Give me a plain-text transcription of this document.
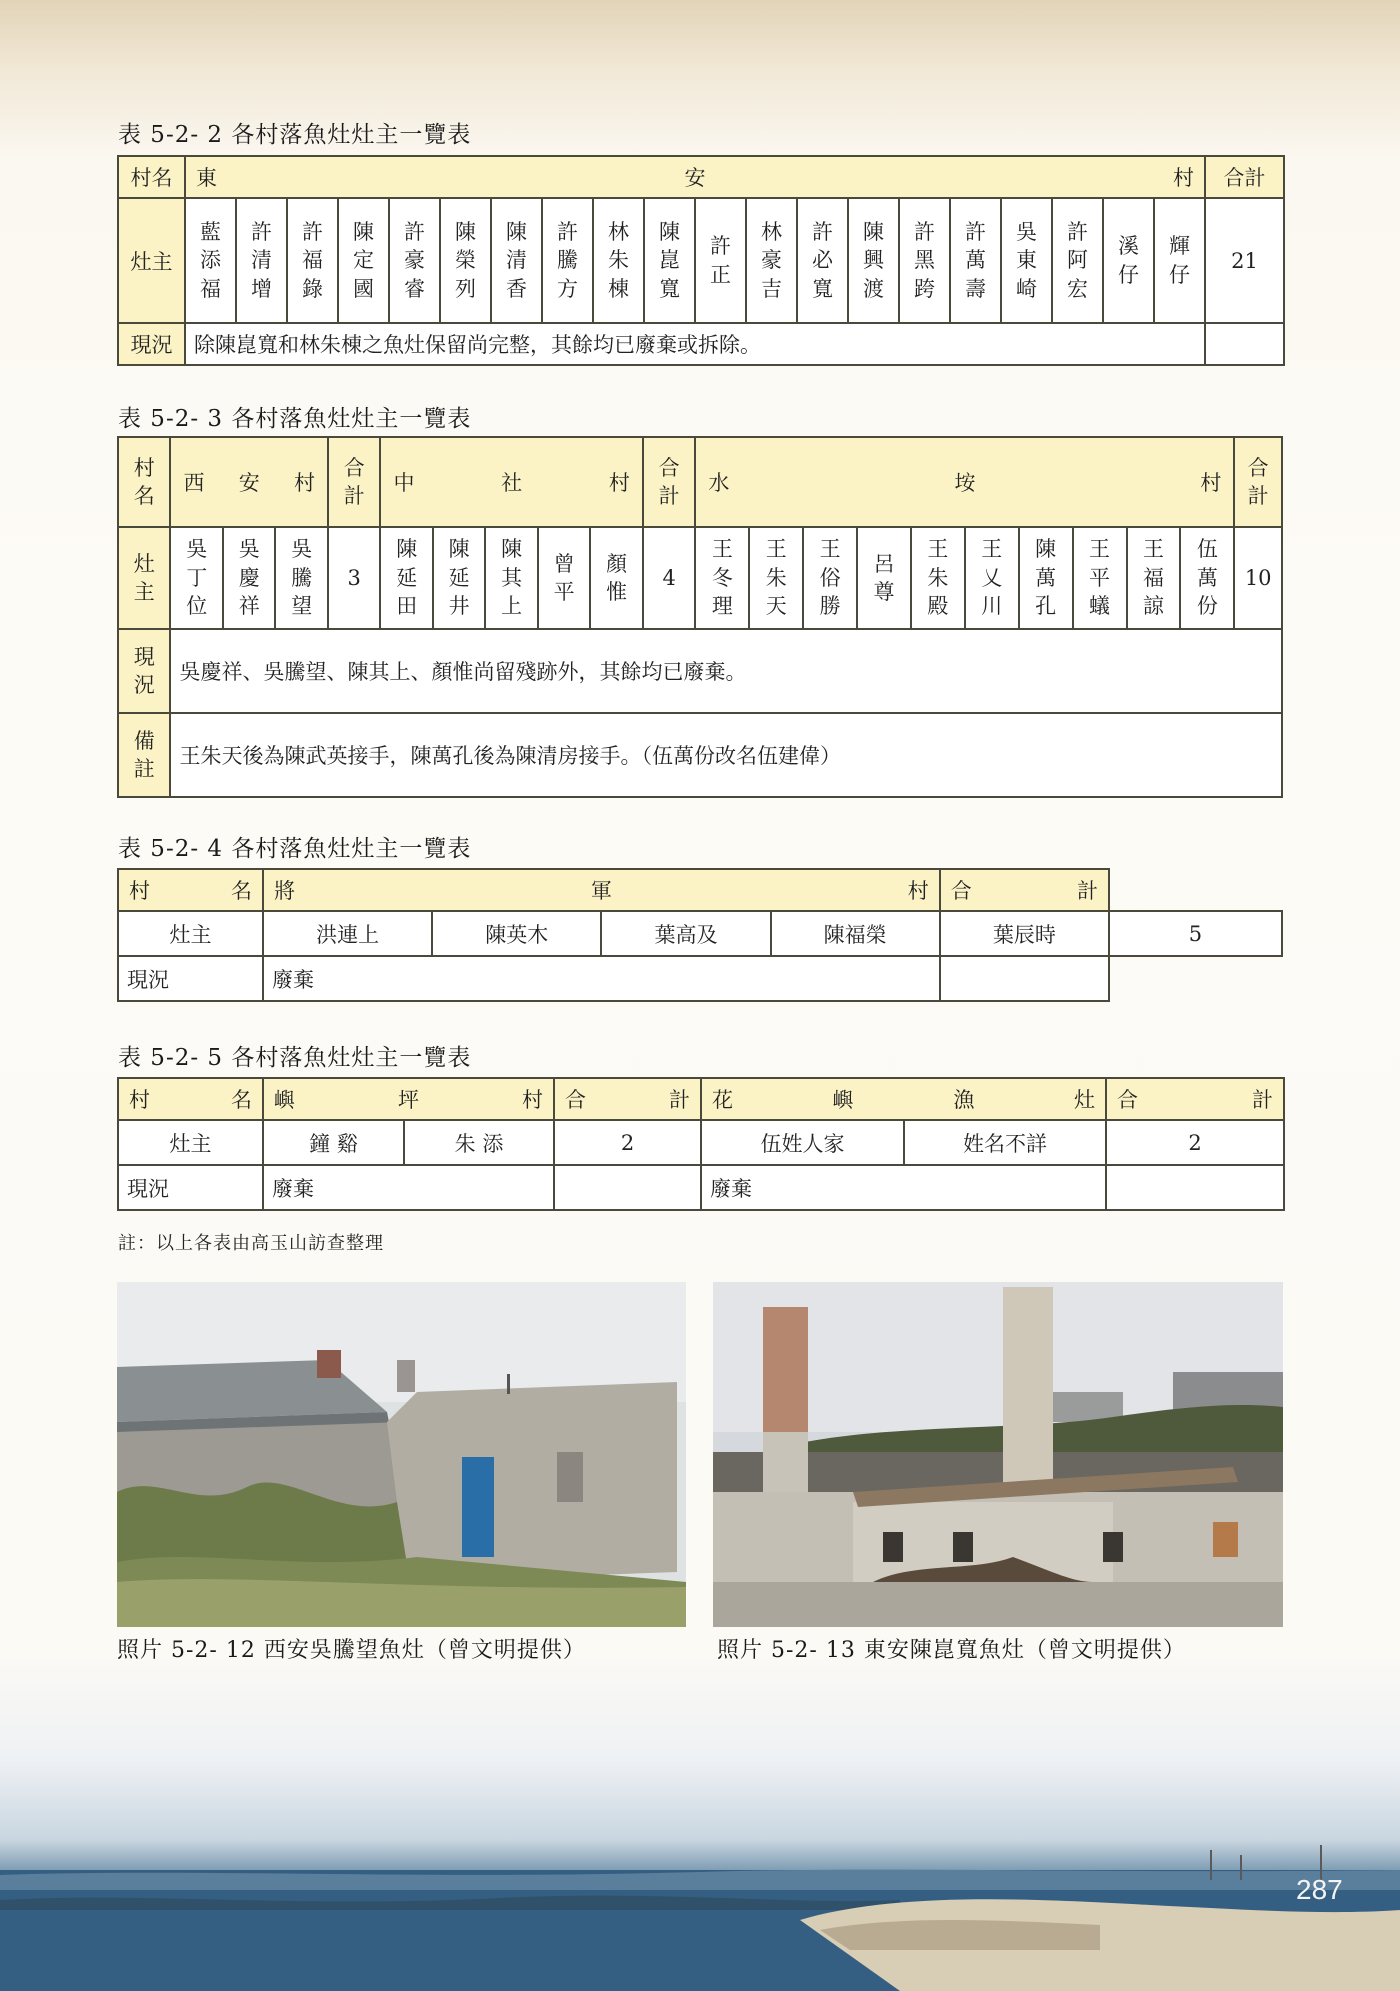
表 5-2- 2 各村落魚灶灶主一覽表
村名	東 安 村																				合計
灶主	藍添福	許清增	許福錄	陳定國	許豪睿	陳榮列	陳清香	許騰方	林朱棟	陳崑寬	許 正	林豪吉	許必寬	陳興渡	許黑跨	許萬壽	吳東崎	許阿宏	溪 仔	輝 仔	21
現況	除陳崑寬和林朱棟之魚灶保留尚完整，其餘均已廢棄或拆除。																				
表 5-2- 3 各村落魚灶灶主一覽表
村名	西 安 村			合計	中 社 村					合計	水 垵 村										合計
灶主	吳丁位	吳慶祥	吳騰望	3	陳延田	陳延井	陳其上	曾 平	顏 惟	4	王冬理	王朱天	王俗勝	呂 尊	王朱殿	王乂川	陳萬孔	王平蟻	王福諒	伍萬份	10
現況	吳慶祥、吳騰望、陳其上、顏惟尚留殘跡外，其餘均已廢棄。																				
備註	王朱天後為陳武英接手，陳萬孔後為陳清房接手。（伍萬份改名伍建偉）																				
表 5-2- 4 各村落魚灶灶主一覽表
村 名	將 軍 村				合 計	

灶主	洪連上	陳英木	葉高及	陳福榮	葉辰時	5
現況	廢棄					
表 5-2- 5 各村落魚灶灶主一覽表
村 名	嶼 坪 村		合 計	花 嶼 漁 灶		合 計

灶主	鐘 谿	朱 添	2	伍姓人家	姓名不詳	2
現況	廢棄			廢棄		
註：以上各表由高玉山訪查整理
照片 5-2- 12 西安吳騰望魚灶（曾文明提供）	照片 5-2- 13 東安陳崑寬魚灶（曾文明提供）
287
